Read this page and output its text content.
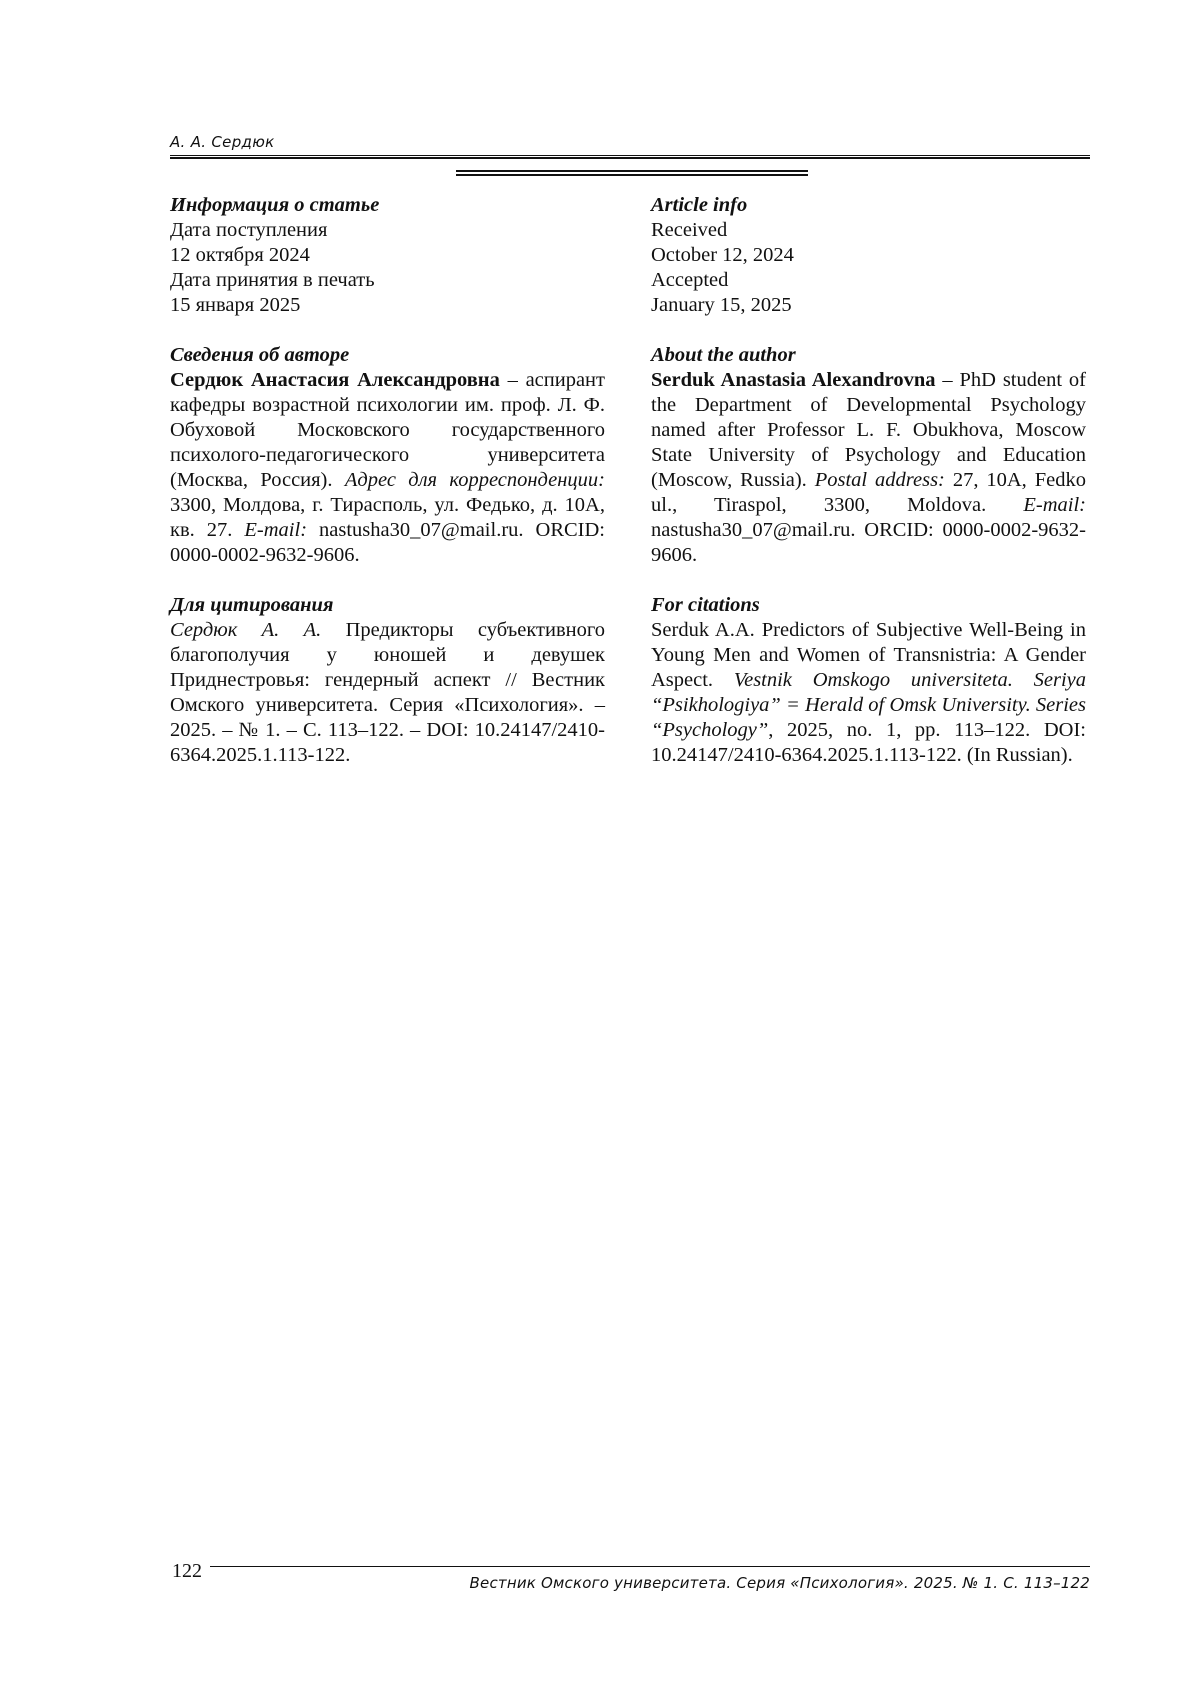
А. А. Сердюк
Информация о статье
Дата поступления
12 октября 2024
Дата принятия в печать
15 января 2025
Сведения об авторе
Сердюк Анастасия Александровна – аспирант кафедры возрастной психологии им. проф. Л. Ф. Обуховой Московского государственного психолого-педагогического университета (Москва, Россия). Адрес для корреспонденции: 3300, Молдова, г. Тирасполь, ул. Федько, д. 10А, кв. 27. E-mail: nastusha30_07@mail.ru. ORCID: 0000-0002-9632-9606.
Для цитирования
Сердюк А. А. Предикторы субъективного благополучия у юношей и девушек Приднестровья: гендерный аспект // Вестник Омского университета. Серия «Психология». – 2025. – № 1. – С. 113–122. – DOI: 10.24147/2410-6364.2025.1.113-122.
Article info
Received
October 12, 2024
Accepted
January 15, 2025
About the author
Serduk Anastasia Alexandrovna – PhD student of the Department of Developmental Psychology named after Professor L. F. Obukhova, Moscow State University of Psychology and Education (Moscow, Russia). Postal address: 27, 10A, Fedko ul., Tiraspol, 3300, Moldova. E-mail: nastusha30_07@mail.ru. ORCID: 0000-0002-9632-9606.
For citations
Serduk A.A. Predictors of Subjective Well-Being in Young Men and Women of Transnistria: A Gender Aspect. Vestnik Omskogo universiteta. Seriya “Psikhologiya” = Herald of Omsk University. Series “Psychology”, 2025, no. 1, pp. 113–122. DOI: 10.24147/2410-6364.2025.1.113-122. (In Russian).
122
Вестник Омского университета. Серия «Психология». 2025. № 1. С. 113–122
